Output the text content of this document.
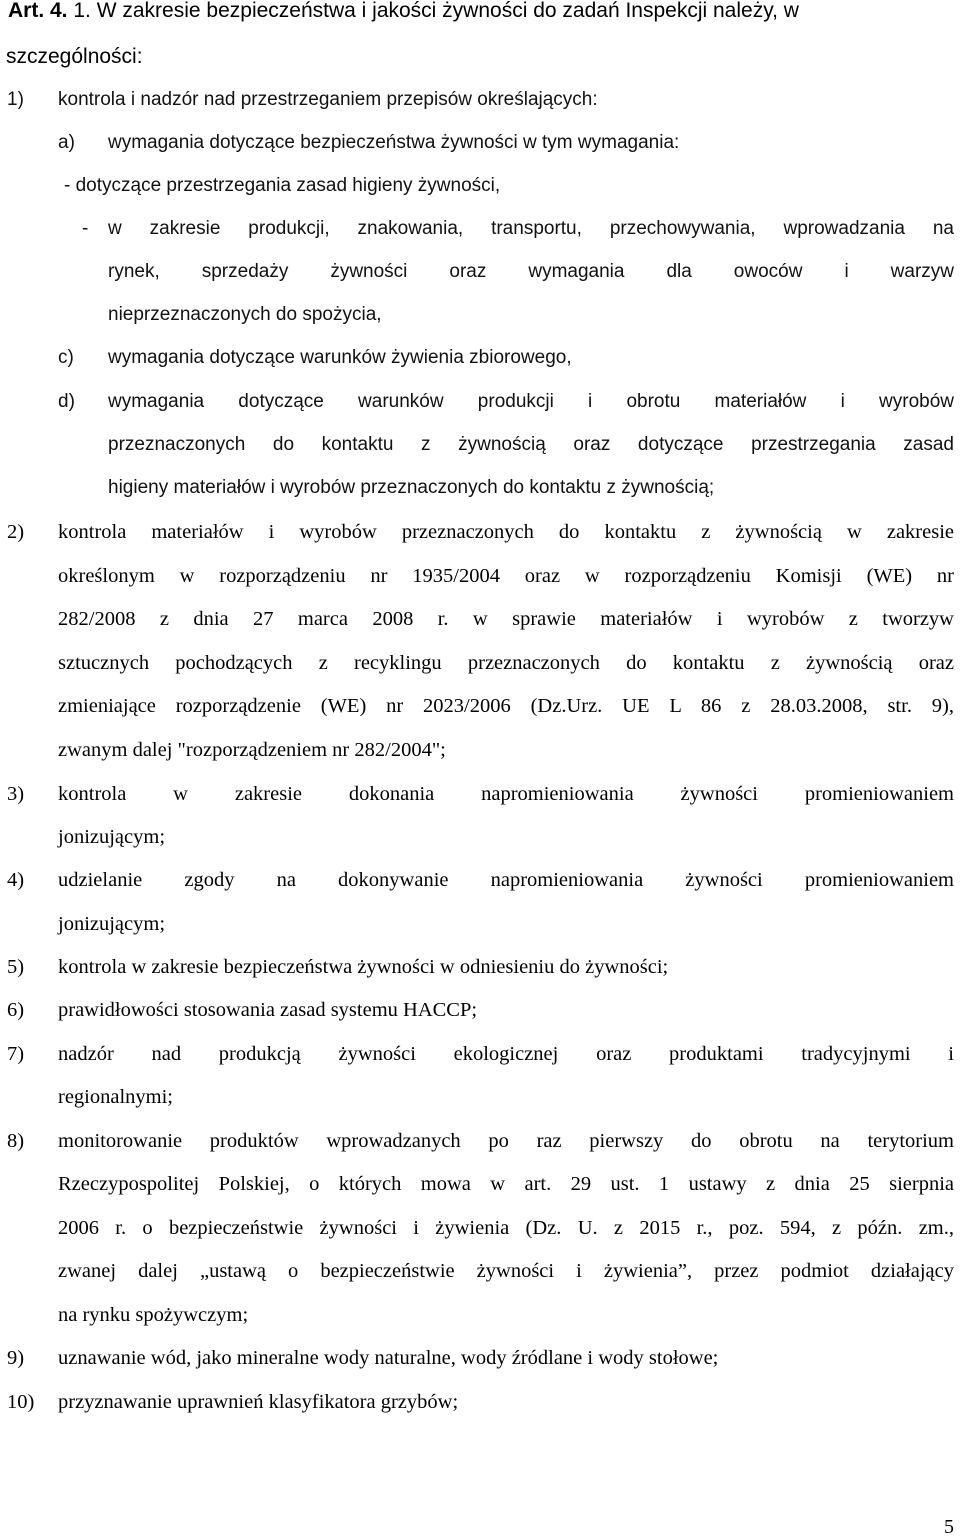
Art. 4. 1. W zakresie bezpieczeństwa i jakości żywności do zadań Inspekcji należy, w
szczególności:
1) kontrola i nadzór nad przestrzeganiem przepisów określających:
a) wymagania dotyczące bezpieczeństwa żywności w tym wymagania:
- dotyczące przestrzegania zasad higieny żywności,
- w zakresie produkcji, znakowania, transportu, przechowywania, wprowadzania na
rynek, sprzedaży żywności oraz wymagania dla owoców i warzyw
nieprzeznaczonych do spożycia,
c) wymagania dotyczące warunków żywienia zbiorowego,
d) wymagania dotyczące warunków produkcji i obrotu materiałów i wyrobów
przeznaczonych do kontaktu z żywnością oraz dotyczące przestrzegania zasad
higieny materiałów i wyrobów przeznaczonych do kontaktu z żywnością;
2) kontrola materiałów i wyrobów przeznaczonych do kontaktu z żywnością w zakresie
określonym w rozporządzeniu nr 1935/2004 oraz w rozporządzeniu Komisji (WE) nr
282/2008 z dnia 27 marca 2008 r. w sprawie materiałów i wyrobów z tworzyw
sztucznych pochodzących z recyklingu przeznaczonych do kontaktu z żywnością oraz
zmieniające rozporządzenie (WE) nr 2023/2006 (Dz.Urz. UE L 86 z 28.03.2008, str. 9),
zwanym dalej "rozporządzeniem nr 282/2004";
3) kontrola w zakresie dokonania napromieniowania żywności promieniowaniem
jonizującym;
4) udzielanie zgody na dokonywanie napromieniowania żywności promieniowaniem
jonizującym;
5) kontrola w zakresie bezpieczeństwa żywności w odniesieniu do żywności;
6) prawidłowości stosowania zasad systemu HACCP;
7) nadzór nad produkcją żywności ekologicznej oraz produktami tradycyjnymi i
regionalnymi;
8) monitorowanie produktów wprowadzanych po raz pierwszy do obrotu na terytorium
Rzeczypospolitej Polskiej, o których mowa w art. 29 ust. 1 ustawy z dnia 25 sierpnia
2006 r. o bezpieczeństwie żywności i żywienia (Dz. U. z 2015 r., poz. 594, z późn. zm.,
zwanej dalej „ustawą o bezpieczeństwie żywności i żywienia”, przez podmiot działający
na rynku spożywczym;
9) uznawanie wód, jako mineralne wody naturalne, wody źródlane i wody stołowe;
10) przyznawanie uprawnień klasyfikatora grzybów;
5
